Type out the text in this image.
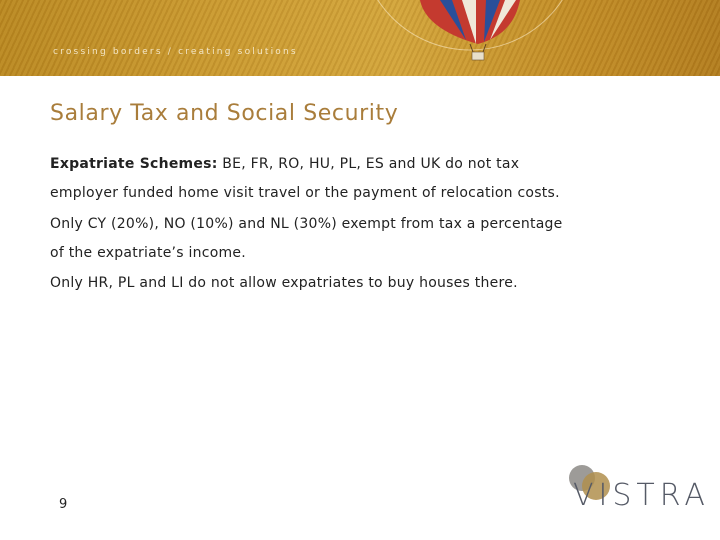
crossing borders / creating solutions
Salary Tax and Social Security
Expatriate Schemes: BE, FR, RO, HU, PL, ES and UK do not tax
employer funded home visit travel or the payment of relocation costs.
Only CY (20%), NO (10%) and NL (30%) exempt from tax a percentage
of the expatriate’s income.
Only HR, PL and LI do not allow expatriates to buy houses there.
9	VISTRA
